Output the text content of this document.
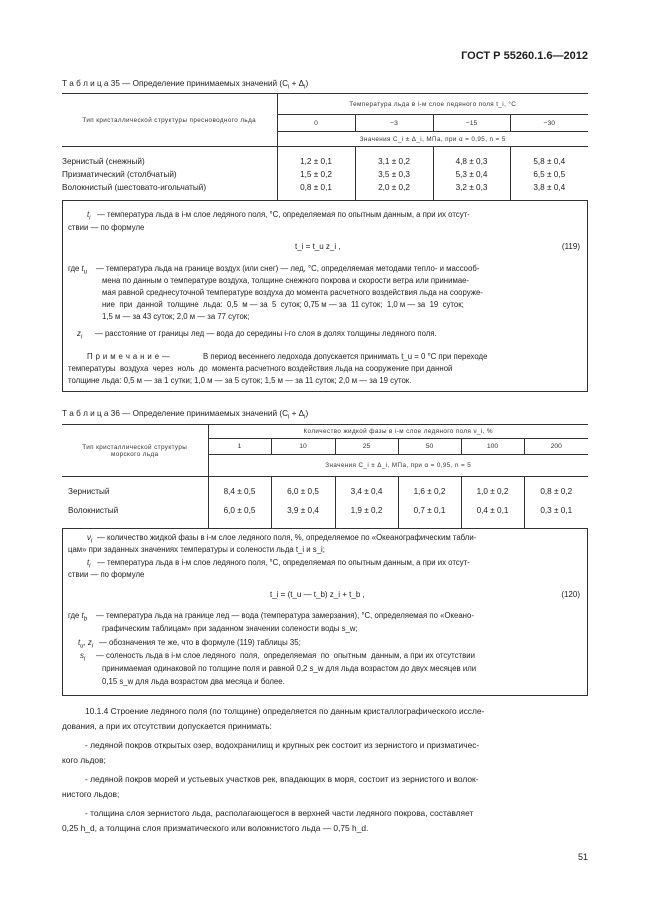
ГОСТ Р 55260.1.6—2012
Т а б л и ц а 35 — Определение принимаемых значений $(C_i + \Delta_i)$
Тип кристаллической структуры пресноводного льда	Температура льда в i-м слое ледяного поля t_i, °С			
	0	−3	−15	−30
	Значения C_i ± Δ_i, МПа, при α = 0,95, n = 5			

Зернистый (снежный)	1,2 ± 0,1	3,1 ± 0,2	4,8 ± 0,3	5,8 ± 0,4
Призматический (столбчатый)	1,5 ± 0,2	3,5 ± 0,3	5,3 ± 0,4	6,5 ± 0,5
Волокнистый (шестовато-игольчатый)	0,8 ± 0,1	2,0 ± 0,2	3,2 ± 0,3	3,8 ± 0,4

$t_i$ — температура льда в i-м слое ледяного поля, °С, определяемая по опытным данным, а при их отсут-
ствии — по формуле
t_i = t_u z_i ,	(119)
где $t_u$ — температура льда на границе воздух (или снег) — лед, °С, определяемая методами тепло- и массооб-
мена по данным о температуре воздуха, толщине снежного покрова и скорости ветра или принимае-
мая равной среднесуточной температуре воздуха до момента расчетного воздействия льда на сооруже-
ние  при  данной  толщине  льда:  0,5  м — за  5  суток; 0,75 м — за  11 суток;  1,0 м — за  19  суток;
1,5 м — за 43 суток; 2,0 м — за 77 суток;
$z_i$ — расстояние от границы лед — вода до середины i-го слоя в долях толщины ледяного поля.
П р и м е ч а н и е —	В период весеннего ледохода допускается принимать t_u = 0 °С при переходе
температуры  воздуха  через  ноль  до  момента расчетного воздействия льда на сооружение при данной
толщине льда: 0,5 м — за 1 сутки; 1,0 м — за 5 суток; 1,5 м — за 11 суток; 2,0 м — за 19 суток.
Т а б л и ц а 36 — Определение принимаемых значений $(C_i + \Delta_i)$
Тип кристаллической структуры морского льда	Количество жидкой фазы в i-м слое ледяного поля ν_i, %					
	1	10	25	50	100	200
	Значения C_i ± Δ_i, МПа, при α = 0,95, n = 5					

Зернистый	8,4 ± 0,5	6,0 ± 0,5	3,4 ± 0,4	1,6 ± 0,2	1,0 ± 0,2	0,8 ± 0,2
Волокнистый	6,0 ± 0,5	3,9 ± 0,4	1,9 ± 0,2	0,7 ± 0,1	0,4 ± 0,1	0,3 ± 0,1

$\nu_i$ — количество жидкой фазы в i-м слое ледяного поля, %, определяемое по «Океанографическим табли-
цам» при заданных значениях температуры и солености льда t_i и s_i;
$t_i$ — температура льда в i-м слое ледяного поля, °С, определяемая по опытным данным, а при их отсут-
ствии — по формуле
t_i = (t_u — t_b) z_i + t_b ,	(120)
где $t_b$ — температура льда на границе лед — вода (температура замерзания), °С, определяемая по «Океано-
графическим таблицам» при заданном значении солености воды s_w;
$t_u$, $z_i$ — обозначения те же, что в формуле (119) таблицы 35;
$s_i$ — соленость льда в i-м слое ледяного  поля,  определяемая  по  опытным  данным, а при их отсутствии
принимаемая одинаковой по толщине поля и равной 0,2 s_w для льда возрастом до двух месяцев или
0,15 s_w для льда возрастом два месяца и более.
10.1.4 Строение ледяного поля (по толщине) определяется по данным кристаллографического иссле-
дования, а при их отсутствии допускается принимать:
- ледяной покров открытых озер, водохранилищ и крупных рек состоит из зернистого и призматичес-
кого льдов;
- ледяной покров морей и устьевых участков рек, впадающих в моря, состоит из зернистого и волок-
нистого льдов;
- толщина слоя зернистого льда, располагающегося в верхней части ледяного покрова, составляет
0,25 h_d, а толщина слоя призматического или волокнистого льда — 0,75 h_d.
51
